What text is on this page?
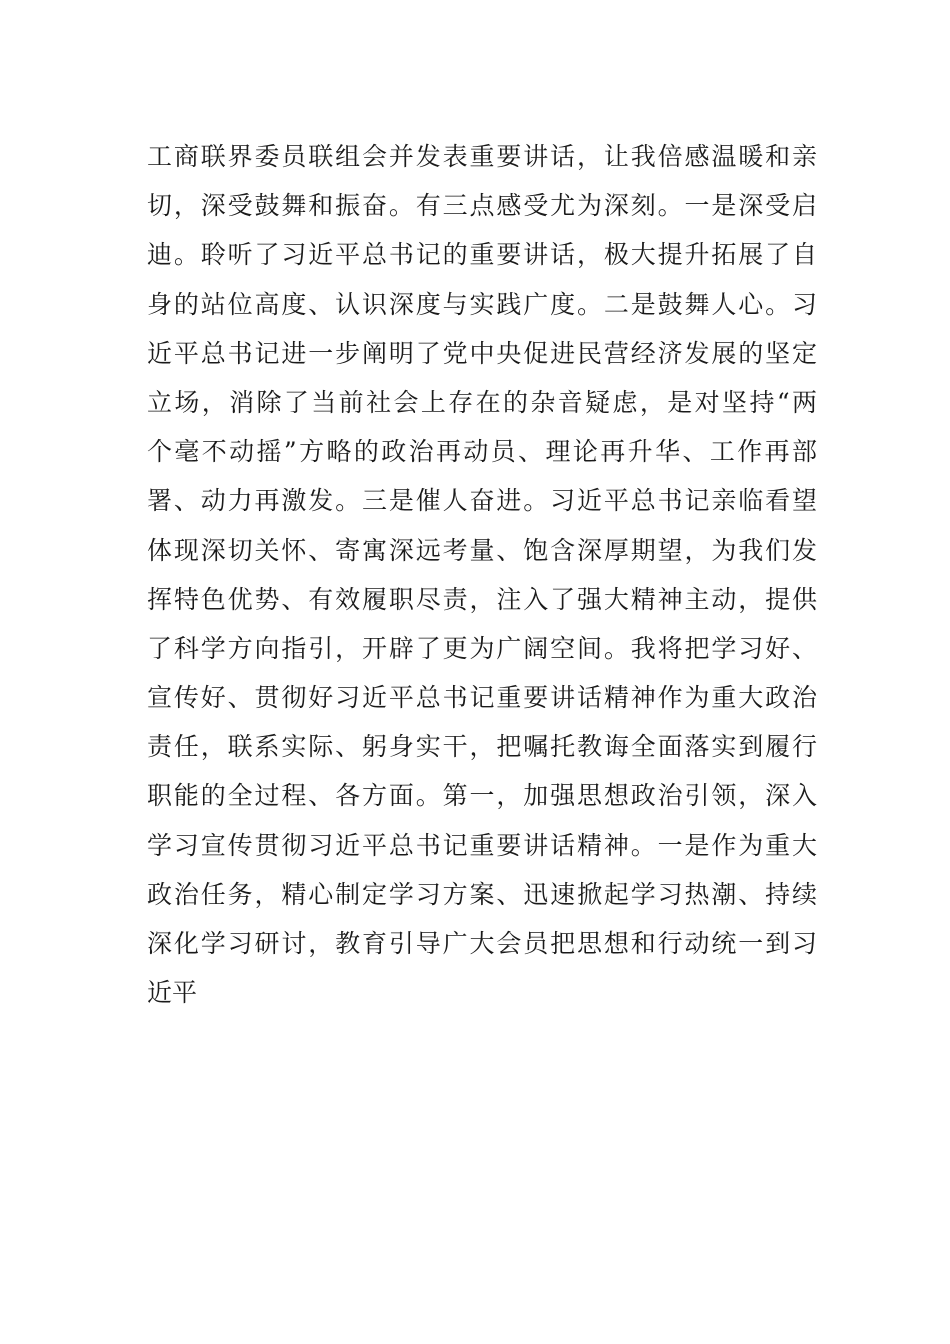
工商联界委员联组会并发表重要讲话，让我倍感温暖和亲
切，深受鼓舞和振奋。有三点感受尤为深刻。一是深受启
迪。聆听了习近平总书记的重要讲话，极大提升拓展了自
身的站位高度、认识深度与实践广度。二是鼓舞人心。习
近平总书记进一步阐明了党中央促进民营经济发展的坚定
立场，消除了当前社会上存在的杂音疑虑，是对坚持“两
个毫不动摇”方略的政治再动员、理论再升华、工作再部
署、动力再激发。三是催人奋进。习近平总书记亲临看望
体现深切关怀、寄寓深远考量、饱含深厚期望，为我们发
挥特色优势、有效履职尽责，注入了强大精神主动，提供
了科学方向指引，开辟了更为广阔空间。我将把学习好、
宣传好、贯彻好习近平总书记重要讲话精神作为重大政治
责任，联系实际、躬身实干，把嘱托教诲全面落实到履行
职能的全过程、各方面。第一，加强思想政治引领，深入
学习宣传贯彻习近平总书记重要讲话精神。一是作为重大
政治任务，精心制定学习方案、迅速掀起学习热潮、持续
深化学习研讨，教育引导广大会员把思想和行动统一到习
近平
